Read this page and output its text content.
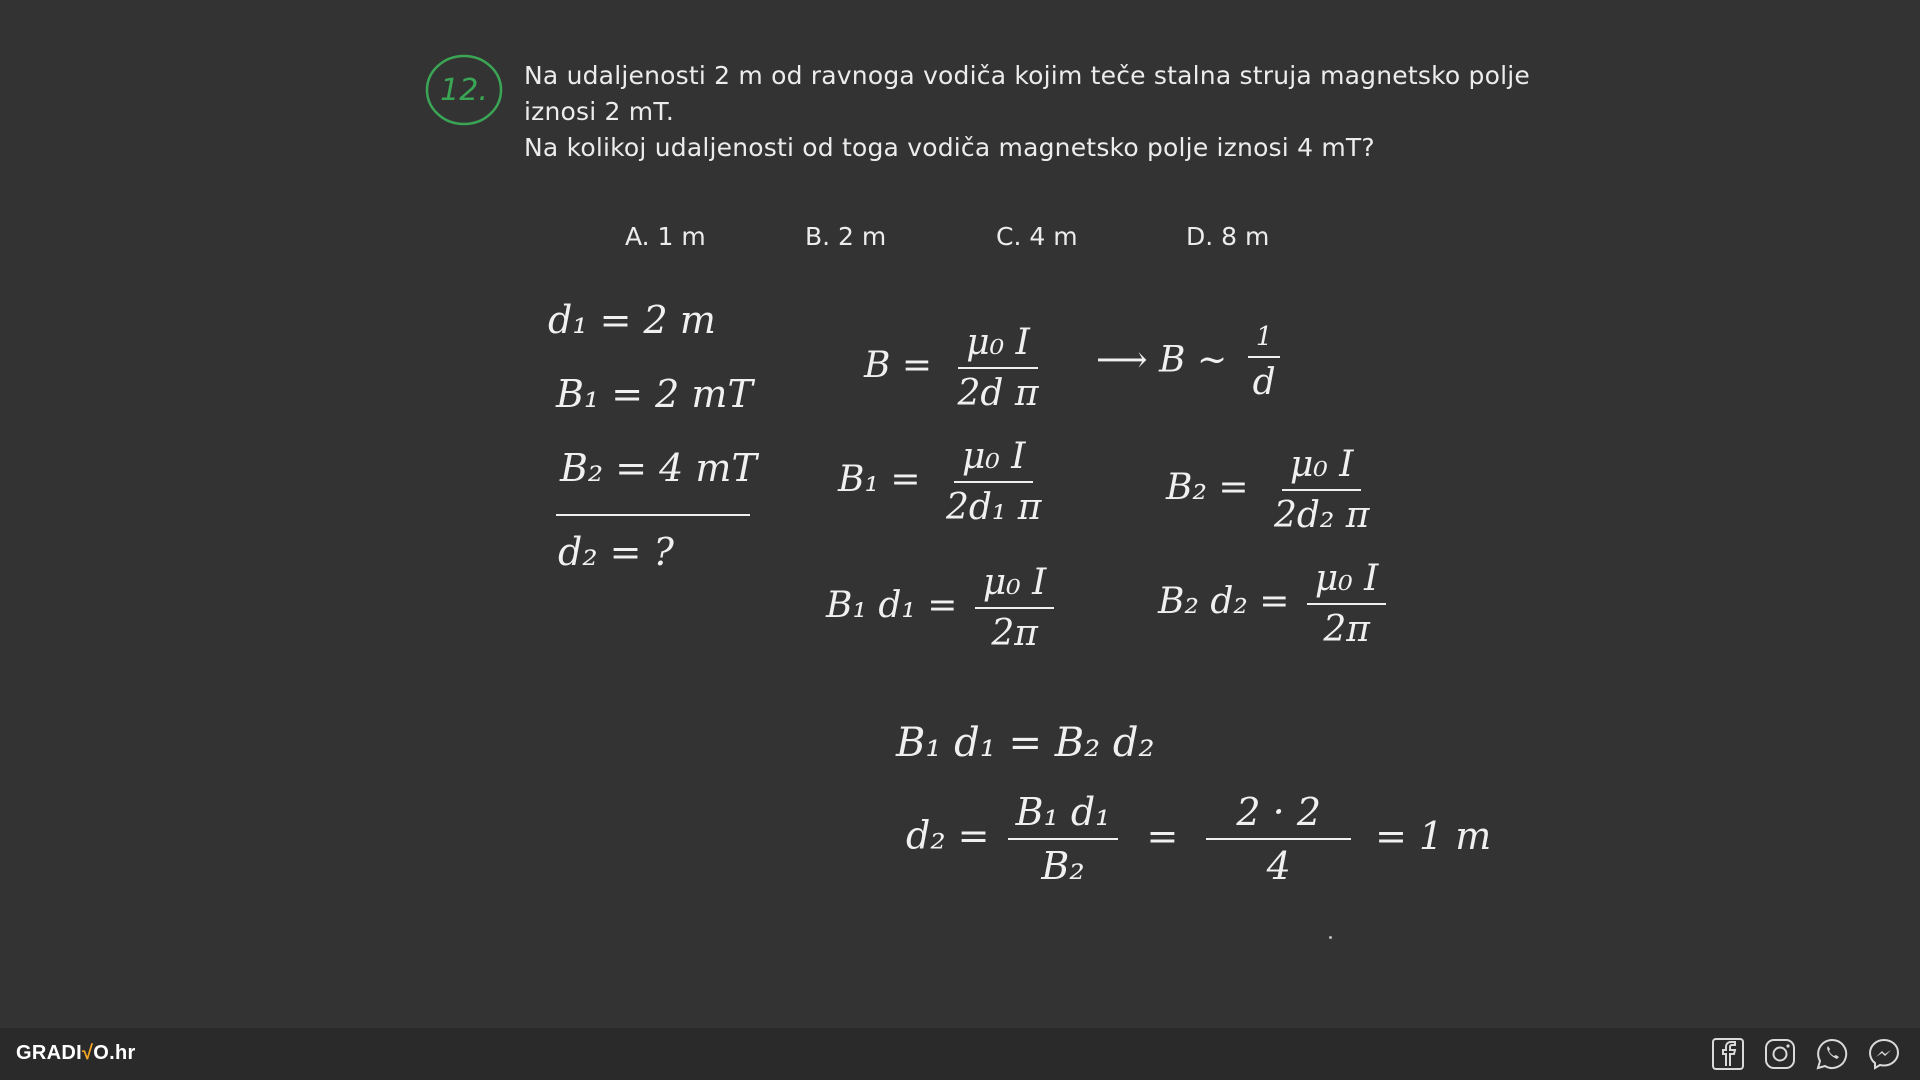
12. Na udaljenosti 2 m od ravnoga vodiča kojim teče stalna struja magnetsko polje
iznosi 2 mT.
Na kolikoj udaljenosti od toga vodiča magnetsko polje iznosi 4 mT?
A. 1 m	B. 2 m	C. 4 m	D. 8 m
d₁ = 2 m
B₁ = 2 mT
B₂ = 4 mT
d₂ = ?
$B = \frac{\text{μ₀ I}}{\text{2d π}}$ ⟶ B ~ $\frac{1}{d}$
$B_1 = \frac{\text{μ₀ I}}{\text{2d₁ π}}$	$B_2 = \frac{\text{μ₀ I}}{\text{2d₂ π}}$
B₁ $d_1 = \frac{\text{μ₀ I}}{2\pi}$	B₂ $d_2 = \frac{\text{μ₀ I}}{2\pi}$
B₁ d₁ = B₂ d₂
$d_2 = \frac{\text{B₁ d₁}}{\text{B₂}} = \frac{2 \cdot 2}{4} = 1$ m
GRADI√O.hr
